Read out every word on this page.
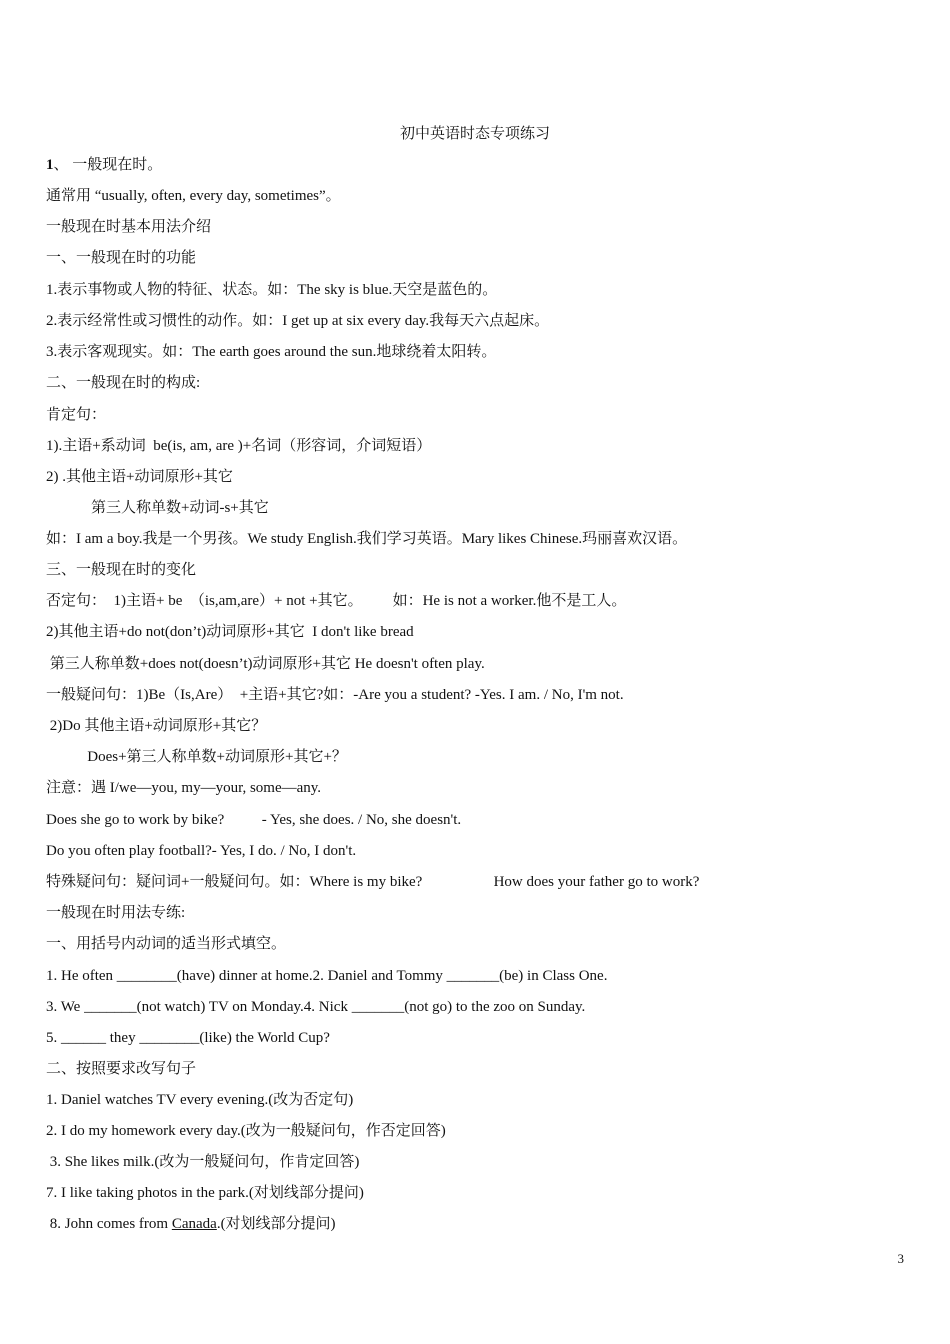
初中英语时态专项练习
1、 一般现在时。
通常用 “usually, often, every day, sometimes”。
一般现在时基本用法介绍
一、一般现在时的功能
1.表示事物或人物的特征、状态。如：The sky is blue.天空是蓝色的。
2.表示经常性或习惯性的动作。如：I get up at six every day.我每天六点起床。
3.表示客观现实。如：The earth goes around the sun.地球绕着太阳转。
二、一般现在时的构成:
肯定句：
1).主语+系动词  be(is, am, are )+名词（形容词，介词短语）
2) .其他主语+动词原形+其它
第三人称单数+动词-s+其它
如：I am a boy.我是一个男孩。We study English.我们学习英语。Mary likes Chinese.玛丽喜欢汉语。
三、一般现在时的变化
否定句：  1)主语+ be  （is,am,are）+ not +其它。        如：He is not a worker.他不是工人。
2)其他主语+do not(don’t)动词原形+其它  I don't like bread
第三人称单数+does not(doesn’t)动词原形+其它 He doesn't often play.
一般疑问句：1)Be（Is,Are）  +主语+其它?如：-Are you a student? -Yes. I am. / No, I'm not.
2)Do 其他主语+动词原形+其它？
Does+第三人称单数+动词原形+其它+？
注意：遇 I/we—you, my—your, some—any.
Does she go to work by bike?          - Yes, she does. / No, she doesn't.
Do you often play football?- Yes, I do. / No, I don't.
特殊疑问句：疑问词+一般疑问句。如：Where is my bike?                   How does your father go to work?
一般现在时用法专练:
一、用括号内动词的适当形式填空。
1. He often ________(have) dinner at home.2. Daniel and Tommy _______(be) in Class One.
3. We _______(not watch) TV on Monday.4. Nick _______(not go) to the zoo on Sunday.
5. ______ they ________(like) the World Cup?
二、按照要求改写句子
1. Daniel watches TV every evening.(改为否定句)
2. I do my homework every day.(改为一般疑问句，作否定回答)
3. She likes milk.(改为一般疑问句，作肯定回答)
7. I like taking photos in the park.(对划线部分提问)
8. John comes from Canada.(对划线部分提问)
3
